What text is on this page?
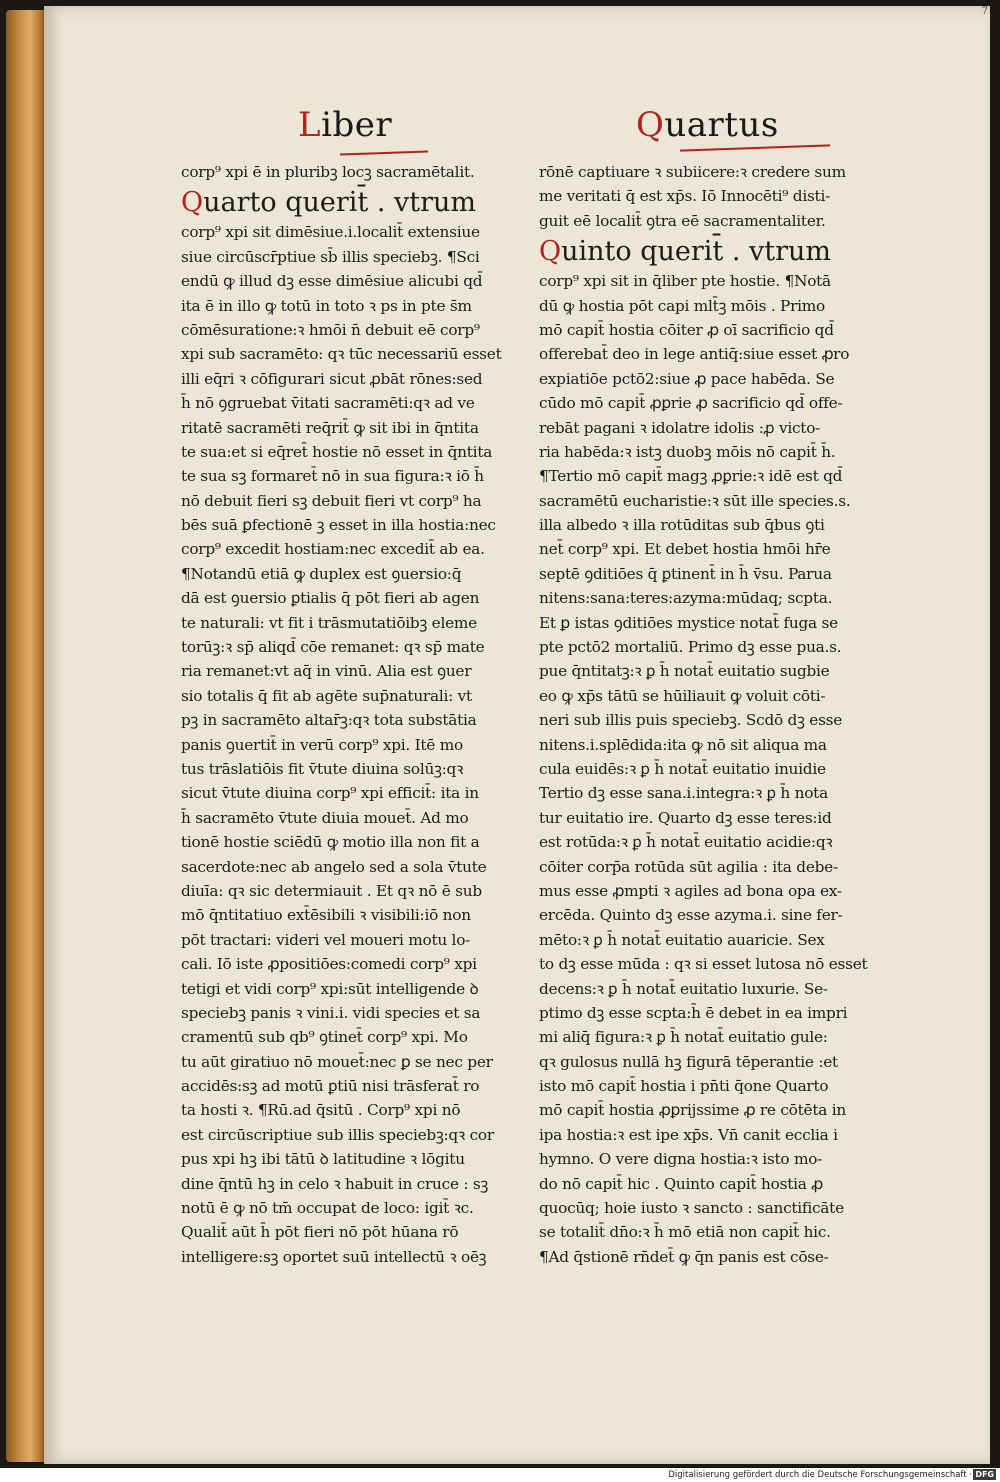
7
Liber	Quartus
corp⁹ xpi ē in pluribꝫ locꝫ sacramētalit.
Quarto querit̄ . vtrum
corp⁹ xpi sit dimēsiue.i.localit̄ extensiue
siue circūscr̄ptiue sb̄ illis speciebꝫ. ¶Sci
endū ꝙ illud dꝫ esse dimēsiue alicubi qd̄
ita ē in illo ꝙ totū in toto ꝛ ps in pte s̄m
cōmēsuratione:ꝛ hmōi n̄ debuit eē corp⁹
xpi sub sacramēto: qꝛ tūc necessariū esset
illi eq̄ri ꝛ cōfigurari sicut ꝓbāt rōnes:sed
h̄ nō ꝯgruebat v̄itati sacramēti:qꝛ ad ve
ritatē sacramēti req̄rit̄ ꝙ sit ibi in q̄ntita
te sua:et si eq̄ret̄ hostie nō esset in q̄ntita
te sua sꝫ formaret̄ nō in sua figura:ꝛ iō h̄
nō debuit fieri sꝫ debuit fieri vt corp⁹ ha
bēs suā ꝑfectionē ꝫ esset in illa hostia:nec
corp⁹ excedit hostiam:nec excedit̄ ab ea.
¶Notandū etiā ꝙ duplex est ꝯuersio:q̄
dā est ꝯuersio ꝑtialis q̄ pōt fieri ab agen
te naturali: vt fit i trāsmutatiōibꝫ eleme
torūꝫ:ꝛ sp̄ aliqd̄ cōe remanet: qꝛ sp̄ mate
ria remanet:vt aq̄ in vinū. Alia est ꝯuer
sio totalis q̄ fit ab agēte sup̄naturali: vt
pꝫ in sacramēto altar̄ꝫ:qꝛ tota substātia
panis ꝯuertit̄ in verū corp⁹ xpi. Itē mo
tus trāslatiōis fit v̄tute diuina solūꝫ:qꝛ
sicut v̄tute diuina corp⁹ xpi efficit̄: ita in
h̄ sacramēto v̄tute diuia mouet̄. Ad mo
tionē hostie sciēdū ꝙ motio illa non fit a
sacerdote:nec ab angelo sed a sola v̄tute
diuīa: qꝛ sic determiauit . Et qꝛ nō ē sub
mō q̄ntitatiuo ext̄ēsibili ꝛ visibili:iō non
pōt tractari: videri vel moueri motu lo-
cali. Iō iste ꝓpositiōes:comedi corp⁹ xpi
tetigi et vidi corp⁹ xpi:sūt intelligende ꝺ
speciebꝫ panis ꝛ vini.i. vidi species et sa
cramentū sub qb⁹ ꝯtinet̄ corp⁹ xpi. Mo
tu aūt giratiuo nō mouet̄:nec ꝑ se nec per
accidēs:sꝫ ad motū ꝑtiū nisi trāsferat̄ ro
ta hosti ꝛ. ¶Rū.ad q̄sitū . Corp⁹ xpi nō
est circūscriptiue sub illis speciebꝫ:qꝛ cor
pus xpi hꝫ ibi tātū ꝺ latitudine ꝛ lōgitu
dine q̄ntū hꝫ in celo ꝛ habuit in cruce : sꝫ
notū ē ꝙ nō tm̄ occupat de loco: igit̄ ꝛc.
Qualit̄ aūt h̄ pōt fieri nō pōt hūana rō
intelligere:sꝫ oportet suū intellectū ꝛ oēꝫ
rōnē captiuare ꝛ subiicere:ꝛ credere sum
me veritati q̄ est xp̄s. Iō Innocēti⁹ disti-
guit eē localit̄ ꝯtra eē sacramentaliter.
Quinto querit̄ . vtrum
corp⁹ xpi sit in q̄liber pte hostie. ¶Notā
dū ꝙ hostia pōt capi mlt̄ꝫ mōis . Primo
mō capit̄ hostia cōiter ꝓ oī sacrificio qd̄
offerebat̄ deo in lege antiq̄:siue esset ꝓro
expiatiōe pctō2:siue ꝓ pace habēda. Se
cūdo mō capit̄ ꝓꝑrie ꝓ sacrificio qd̄ offe-
rebāt pagani ꝛ idolatre idolis :ꝓ victo-
ria habēda:ꝛ istꝫ duobꝫ mōis nō capit̄ h̄.
¶Tertio mō capit̄ magꝫ ꝓꝑrie:ꝛ idē est qd̄
sacramētū eucharistie:ꝛ sūt ille species.s.
illa albedo ꝛ illa rotūditas sub q̄bus ꝯti
net̄ corp⁹ xpi. Et debet hostia hmōi hr̄e
septē ꝯditiōes q̄ ꝑtinent̄ in h̄ v̄su. Parua
nitens:sana:teres:azyma:mūdaq; scpta.
Et ꝑ istas ꝯditiōes mystice notat̄ fuga se
pte pctō2 mortaliū. Primo dꝫ esse pua.s.
pue q̄ntitatꝫ:ꝛ ꝑ h̄ notat̄ euitatio sugbie
eo ꝙ xp̄s tātū se hūiliauit ꝙ voluit cōti-
neri sub illis puis speciebꝫ. Scdō dꝫ esse
nitens.i.splēdida:ita ꝙ nō sit aliqua ma
cula euidēs:ꝛ ꝑ h̄ notat̄ euitatio inuidie
Tertio dꝫ esse sana.i.integra:ꝛ ꝑ h̄ nota
tur euitatio ire. Quarto dꝫ esse teres:id
est rotūda:ꝛ ꝑ h̄ notat̄ euitatio acidie:qꝛ
cōiter corp̄a rotūda sūt agilia : ita debe-
mus esse ꝓmpti ꝛ agiles ad bona opa ex-
ercēda. Quinto dꝫ esse azyma.i. sine fer-
mēto:ꝛ ꝑ h̄ notat̄ euitatio auaricie. Sex
to dꝫ esse mūda : qꝛ si esset lutosa nō esset
decens:ꝛ ꝑ h̄ notat̄ euitatio luxurie. Se-
ptimo dꝫ esse scpta:h̄ ē debet in ea impri
mi aliq̄ figura:ꝛ ꝑ h̄ notat̄ euitatio gule:
qꝛ gulosus nullā hꝫ figurā tēperantie :et
isto mō capit̄ hostia i pn̄ti q̄one Quarto
mō capit̄ hostia ꝓꝑrijssime ꝓ re cōtēta in
ipa hostia:ꝛ est ipe xp̄s. Vn̄ canit ecclia i
hymno. O vere digna hostia:ꝛ isto mo-
do nō capit̄ hic . Quinto capit̄ hostia ꝓ
quocūq; hoie iusto ꝛ sancto : sanctificāte
se totalit̄ dn̄o:ꝛ h̄ mō etiā non capit̄ hic.
¶Ad q̄stionē rn̄det̄ ꝙ q̄n panis est cōse-
Digitalisierung gefördert durch die Deutsche Forschungsgemeinschaft · DFG
